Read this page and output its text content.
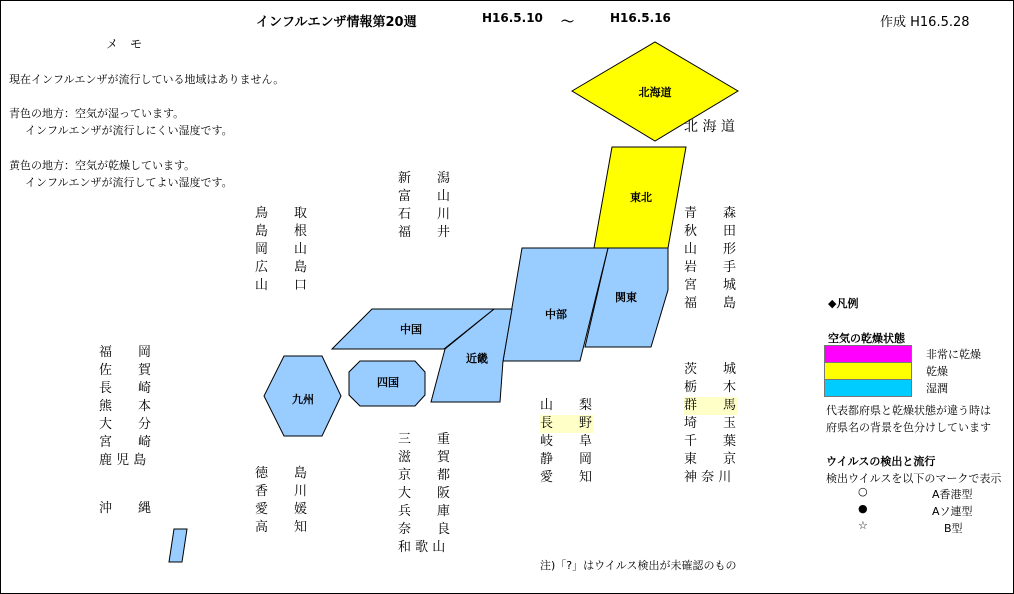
インフルエンザ情報第20週	H16.5.10 ～	H16.5.16	作成 H16.5.28
メ　モ
現在インフルエンザが流行している地域はありません。
青色の地方：空気が湿っています。
インフルエンザが流行しにくい湿度です。
黄色の地方：空気が乾燥しています。
インフルエンザが流行してよい湿度です。
北海道
東北
関東
中部
近畿
中国
四国
九州
北 海 道
青　　森
秋　　田
山　　形
岩　　手
宮　　城
福　　島
茨　　城
栃　　木
群　　馬
埼　　玉
千　　葉
東　　京
神 奈 川
新　　潟
富　　山
石　　川
福　　井
山　　梨
長　　野
岐　　阜
静　　岡
愛　　知
三　　重
滋　　賀
京　　都
大　　阪
兵　　庫
奈　　良
和 歌 山
鳥　　取
島　　根
岡　　山
広　　島
山　　口
徳　　島
香　　川
愛　　媛
高　　知
福　　岡
佐　　賀
長　　崎
熊　　本
大　　分
宮　　崎
鹿 児 島
沖　　縄
◆凡例
空気の乾燥状態
非常に乾燥
乾燥
湿潤
代表都府県と乾燥状態が違う時は
府県名の背景を色分けしています
ウイルスの検出と流行
検出ウイルスを以下のマークで表示
○	A香港型
●	Aソ連型
☆	B型
注)「?」はウイルス検出が未確認のもの
